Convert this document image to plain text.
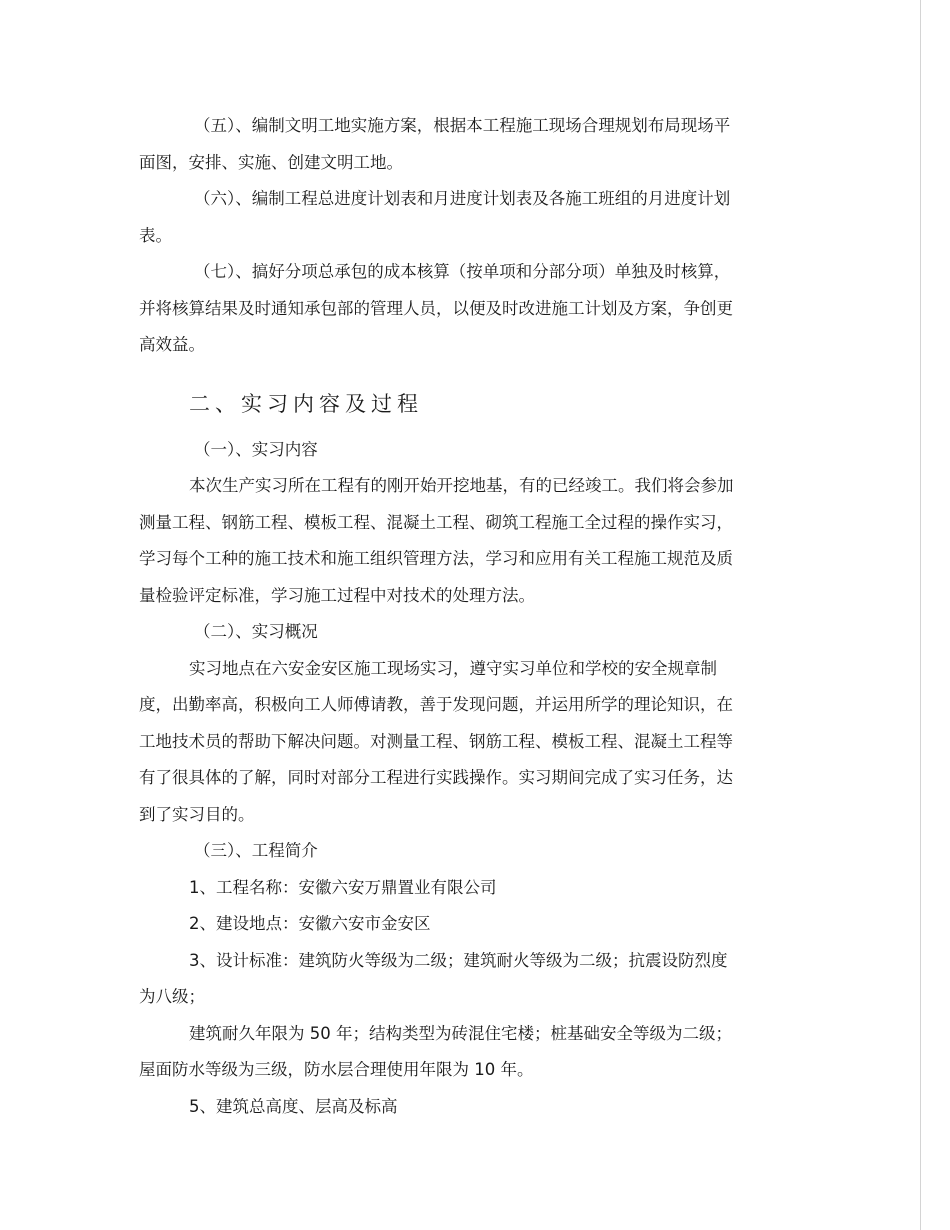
（五）、编制文明工地实施方案，根据本工程施工现场合理规划布局现场平

面图，安排、实施、创建文明工地。

（六）、编制工程总进度计划表和月进度计划表及各施工班组的月进度计划

表。

（七）、搞好分项总承包的成本核算（按单项和分部分项）单独及时核算，

并将核算结果及时通知承包部的管理人员，以便及时改进施工计划及方案，争创更

高效益。

二、实习内容及过程

（一）、实习内容

本次生产实习所在工程有的刚开始开挖地基，有的已经竣工。我们将会参加

测量工程、钢筋工程、模板工程、混凝土工程、砌筑工程施工全过程的操作实习，

学习每个工种的施工技术和施工组织管理方法，学习和应用有关工程施工规范及质

量检验评定标准，学习施工过程中对技术的处理方法。

（二）、实习概况

实习地点在六安金安区施工现场实习，遵守实习单位和学校的安全规章制

度，出勤率高，积极向工人师傅请教，善于发现问题，并运用所学的理论知识，在

工地技术员的帮助下解决问题。对测量工程、钢筋工程、模板工程、混凝土工程等

有了很具体的了解，同时对部分工程进行实践操作。实习期间完成了实习任务，达

到了实习目的。

（三）、工程简介

1、工程名称：安徽六安万鼎置业有限公司

2、建设地点：安徽六安市金安区

3、设计标准：建筑防火等级为二级；建筑耐火等级为二级；抗震设防烈度

为八级；

建筑耐久年限为 50 年；结构类型为砖混住宅楼；桩基础安全等级为二级；

屋面防水等级为三级，防水层合理使用年限为 10 年。

5、建筑总高度、层高及标高
